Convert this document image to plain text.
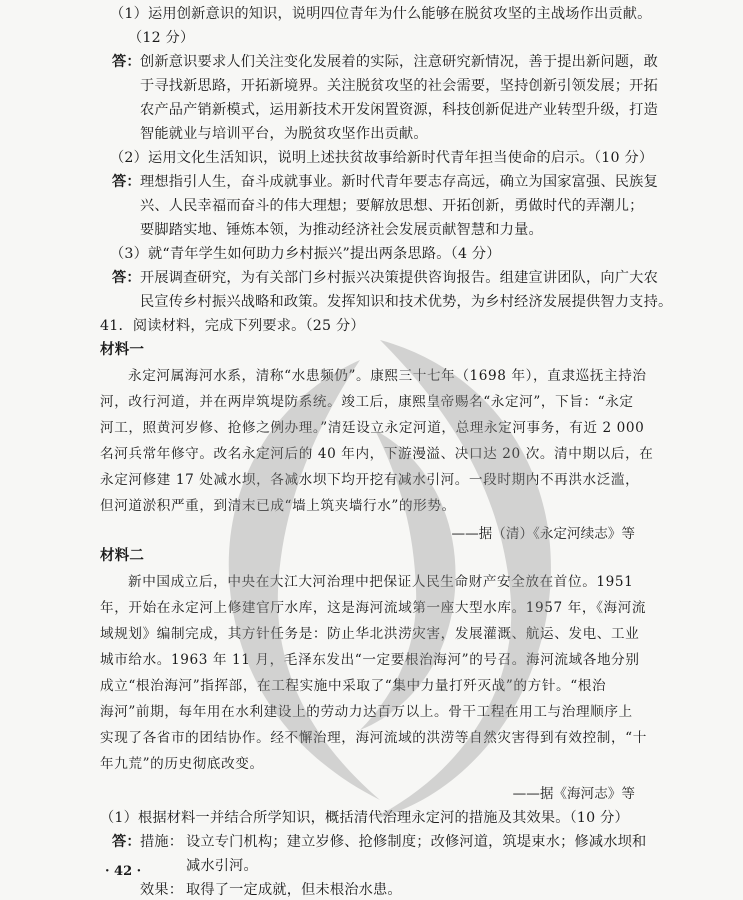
（1）运用创新意识的知识，说明四位青年为什么能够在脱贫攻坚的主战场作出贡献。
（12 分）
答： 创新意识要求人们关注变化发展着的实际，注意研究新情况，善于提出新问题，敢
于寻找新思路，开拓新境界。关注脱贫攻坚的社会需要，坚持创新引领发展；开拓
农产品产销新模式，运用新技术开发闲置资源，科技创新促进产业转型升级，打造
智能就业与培训平台，为脱贫攻坚作出贡献。
（2）运用文化生活知识，说明上述扶贫故事给新时代青年担当使命的启示。（10 分）
答： 理想指引人生，奋斗成就事业。新时代青年要志存高远，确立为国家富强、民族复
兴、人民幸福而奋斗的伟大理想；要解放思想、开拓创新，勇做时代的弄潮儿；
要脚踏实地、锤炼本领，为推动经济社会发展贡献智慧和力量。
（3）就“青年学生如何助力乡村振兴”提出两条思路。（4 分）
答： 开展调查研究，为有关部门乡村振兴决策提供咨询报告。组建宣讲团队，向广大农
民宣传乡村振兴战略和政策。发挥知识和技术优势，为乡村经济发展提供智力支持。
41．阅读材料，完成下列要求。（25 分）
材料一
永定河属海河水系，清称“水患频仍”。康熙三十七年（1698 年），直隶巡抚主持治
河，改行河道，并在两岸筑堤防系统。竣工后，康熙皇帝赐名“永定河”，下旨：“永定
河工，照黄河岁修、抢修之例办理。”清廷设立永定河道，总理永定河事务，有近 2 000
名河兵常年修守。改名永定河后的 40 年内，下游漫溢、决口达 20 次。清中期以后，在
永定河修建 17 处减水坝，各减水坝下均开挖有减水引河。一段时期内不再洪水泛滥，
但河道淤积严重，到清末已成“墙上筑夹墙行水”的形势。
——据（清）《永定河续志》等
材料二
新中国成立后，中央在大江大河治理中把保证人民生命财产安全放在首位。1951
年，开始在永定河上修建官厅水库，这是海河流域第一座大型水库。1957 年，《海河流
域规划》编制完成，其方针任务是：防止华北洪涝灾害，发展灌溉、航运、发电、工业
城市给水。1963 年 11 月，毛泽东发出“一定要根治海河”的号召。海河流域各地分别
成立“根治海河”指挥部，在工程实施中采取了“集中力量打歼灭战”的方针。“根治
海河”前期，每年用在水利建设上的劳动力达百万以上。骨干工程在用工与治理顺序上
实现了各省市的团结协作。经不懈治理，海河流域的洪涝等自然灾害得到有效控制，“十
年九荒”的历史彻底改变。
——据《海河志》等
（1）根据材料一并结合所学知识，概括清代治理永定河的措施及其效果。（10 分）
答： 措施： 设立专门机构；建立岁修、抢修制度；改修河道，筑堤束水；修减水坝和
减水引河。
效果： 取得了一定成就，但未根治水患。
· 42 ·
